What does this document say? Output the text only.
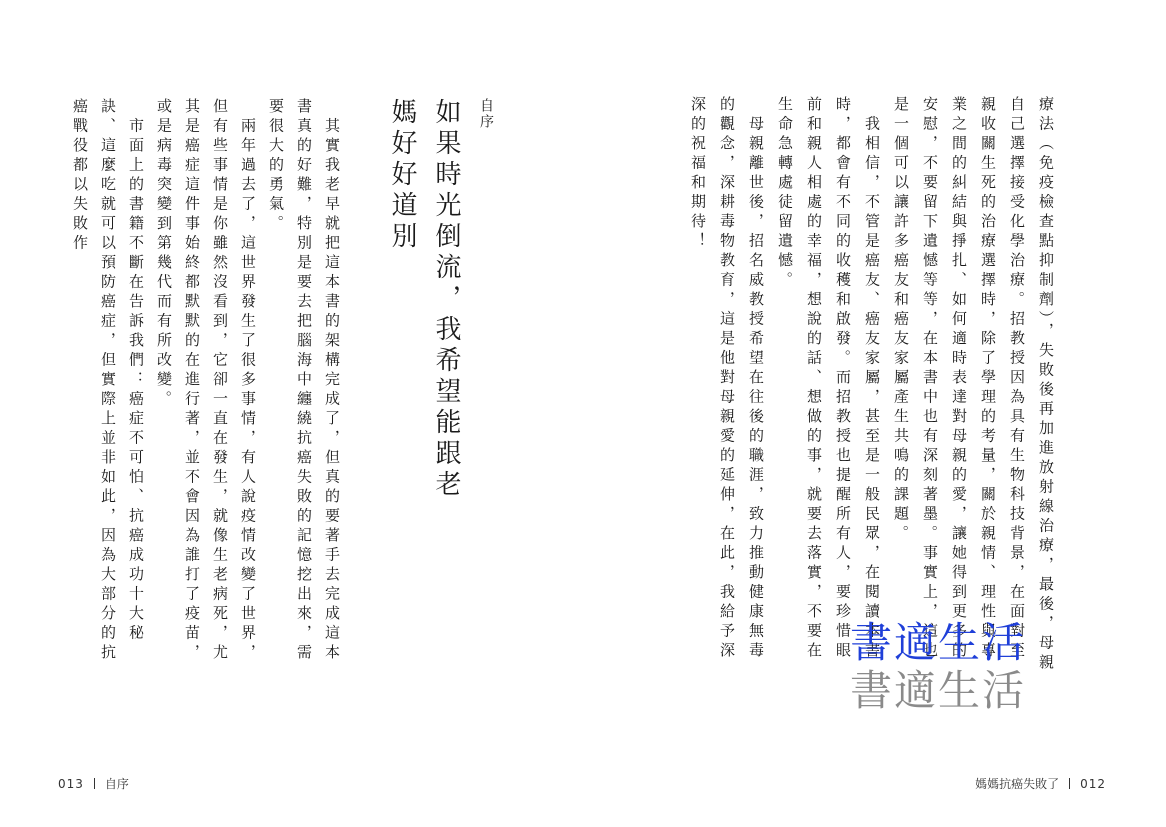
療法（免疫檢查點抑制劑），失敗後再加進放射線治療，最後，母親自己選擇接受化學治療。招教授因為具有生物科技背景，在面對至親收關生死的治療選擇時，除了學理的考量，關於親情、理性與專業之間的糾結與掙扎、如何適時表達對母親的愛，讓她得到更多的安慰，不要留下遺憾等等，在本書中也有深刻著墨。事實上，這也是一個可以讓許多癌友和癌友家屬產生共鳴的課題。

我相信，不管是癌友、癌友家屬，甚至是一般民眾，在閱讀本書時，都會有不同的收穫和啟發。而招教授也提醒所有人，要珍惜眼前和親人相處的幸福，想說的話、想做的事，就要去落實，不要在生命急轉處徒留遺憾。

母親離世後，招名威教授希望在往後的職涯，致力推動健康無毒的觀念，深耕毒物教育，這是他對母親愛的延伸，在此，我給予深深的祝福和期待！

自序
如果時光倒流，我希望能跟老媽好好道別

其實我老早就把這本書的架構完成了，但真的要著手去完成這本書真的好難，特別是要去把腦海中纏繞抗癌失敗的記憶挖出來，需要很大的勇氣。

兩年過去了，這世界發生了很多事情，有人說疫情改變了世界，但有些事情是你雖然沒看到，它卻一直在發生，就像生老病死，尤其是癌症這件事始終都默默的在進行著，並不會因為誰打了疫苗，或是病毒突變到第幾代而有所改變。

市面上的書籍不斷在告訴我們：癌症不可怕、抗癌成功十大秘訣、這麼吃就可以預防癌症，但實際上並非如此，因為大部分的抗癌戰役都以失敗作

書適生活
書適生活
013 自序	媽媽抗癌失敗了 012
